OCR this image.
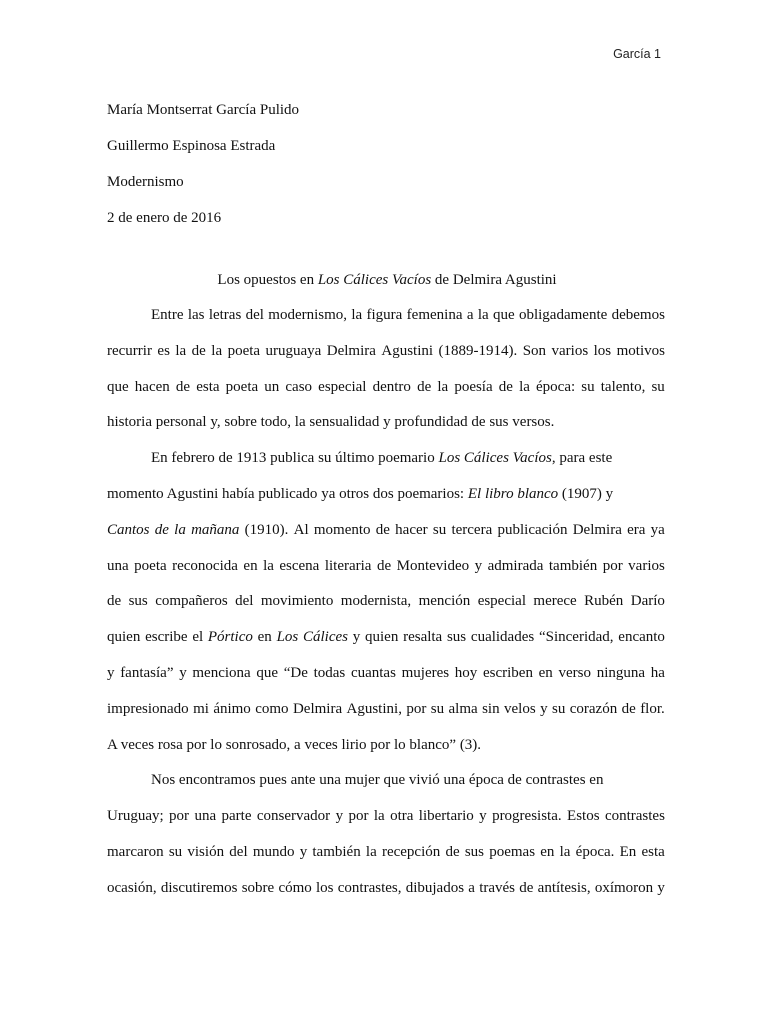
García 1
María Montserrat García Pulido
Guillermo Espinosa Estrada
Modernismo
2 de enero de 2016
Los opuestos en Los Cálices Vacíos de Delmira Agustini
Entre las letras del modernismo, la figura femenina a la que obligadamente debemos
recurrir es la de la poeta uruguaya Delmira Agustini (1889-1914). Son varios los motivos
que hacen de esta poeta un caso especial dentro de la poesía de la época: su talento, su
historia personal y, sobre todo, la sensualidad y profundidad de sus versos.
En febrero de 1913 publica su último poemario Los Cálices Vacíos, para este
momento Agustini había publicado ya otros dos poemarios: El libro blanco (1907) y
Cantos de la mañana (1910). Al momento de hacer su tercera publicación Delmira era ya
una poeta reconocida en la escena literaria de Montevideo y admirada también por varios
de sus compañeros del movimiento modernista, mención especial merece Rubén Darío
quien escribe el Pórtico en Los Cálices y quien resalta sus cualidades “Sinceridad, encanto
y fantasía” y menciona que “De todas cuantas mujeres hoy escriben en verso ninguna ha
impresionado mi ánimo como Delmira Agustini, por su alma sin velos y su corazón de flor.
A veces rosa por lo sonrosado, a veces lirio por lo blanco” (3).
Nos encontramos pues ante una mujer que vivió una época de contrastes en
Uruguay; por una parte conservador y por la otra libertario y progresista. Estos contrastes
marcaron su visión del mundo y también la recepción de sus poemas en la época. En esta
ocasión, discutiremos sobre cómo los contrastes, dibujados a través de antítesis, oxímoron y
